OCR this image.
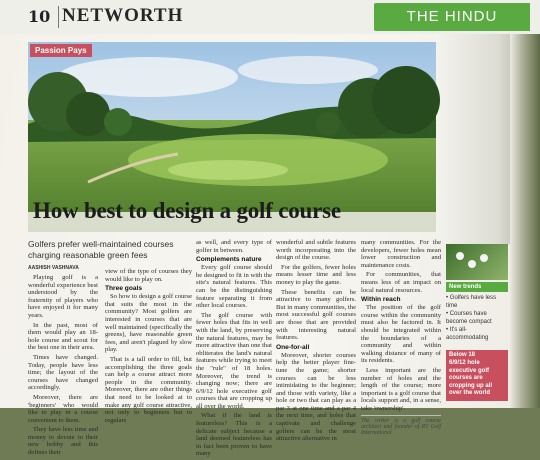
10 NETWORTH	THE HINDU
Passion Pays
How best to design a golf course
Golfers prefer well-maintained courses charging reasonable green fees
AASHISH VASHNAVA

Playing golf is a wonderful experience best understood by the fraternity of players who have enjoyed it for many years.

In the past, most of them would play an 18-hole course and scout for the best one in their area.

Times have changed. Today, people have less time; the layout of the courses have changed accordingly.

Moreover, there are 'beginners' who would like to play in a course convenient to them.

They have less time and money to devote to their new hobby and this defines their

view of the type of courses they would like to play on.

Three goals

So how to design a golf course that suits the most in the community? Most golfers are interested in courses that are well maintained (specifically the greens), have reasonable green fees, and aren't plagued by slow play.

That is a tall order to fill, but accomplishing the three goals can help a course attract more people in the community. Moreover, there are other things that need to be looked at to make any golf course attractive, not only to beginners but to regulars

as well, and every type of golfer in between.

Complements nature

Every golf course should be designed to fit in with the site's natural features. This can be the distinguishing feature separating it from other local courses.

The golf course with fewer holes that fits in well with the land, by preserving the natural features, may be more attractive than one that obliterates the land's natural features while trying to meet the "rule" of 18 holes. Moreover, the trend is changing now; there are 6/9/12 hole executive golf courses that are cropping up all over the world.

What if the land is featureless? This is a delicate subject because a land deemed featureless has in fact been proven to have many

wonderful and subtle features worth incorporating into the design of the course.

For the golfers, fewer holes means lesser time and less money to play the game.

These benefits can be attractive to many golfers. But in many communities, the most successful golf courses are those that are provided with interesting natural features.

One-for-all

Moreover, shorter courses help the better player fine-tune the game; shorter courses can be less intimidating to the beginner; and those with variety, like a hole or two that can play as a par 3 at one time and a par 4 the next time, and holes that captivate and challenge golfers can be the most attractive alternative in

many communities. For the developers, fewer holes mean lower construction and maintenance costs.

For communities, that means less of an impact on local natural resources.

Within reach

The position of the golf course within the community must also be factored in. It should be integrated within the boundaries of a community and within walking distance of many of its residents.

Less important are the number of holes and the length of the course; more important is a golf course that locals support and, in a sense, take 'ownership'.

The writer is a golf course architect and founder of RV Golf International
New trends
• Golfers have less time
• Courses have become compact
• It's all-accommodating
Below 18
6/9/12 hole executive golf courses are cropping up all over the world
